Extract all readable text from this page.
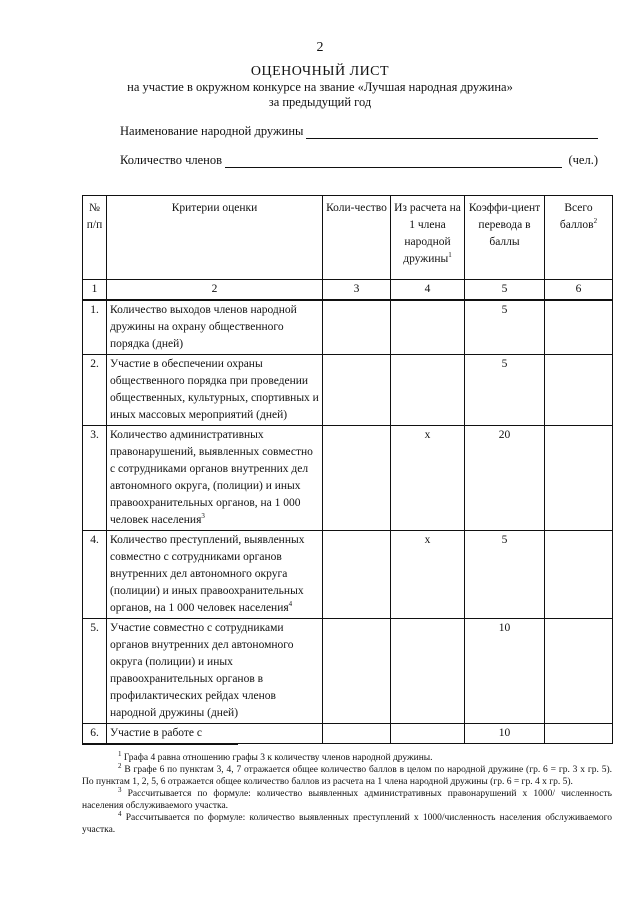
2
ОЦЕНОЧНЫЙ ЛИСТ
на участие в окружном конкурсе на звание «Лучшая народная дружина»
за предыдущий год
Наименование народной дружины
Количество членов	(чел.)
№ п/п	Критерии оценки	Коли-чество	Из расчета на 1 члена народной дружины$^1$	Коэффи-циент перевода в баллы	Всего баллов$^2$
1	2	3	4	5	6
1.	Количество выходов членов народной дружины на охрану общественного порядка (дней)			5	
2.	Участие в обеспечении охраны общественного порядка при проведении общественных, культурных, спортивных и иных массовых мероприятий (дней)			5	
3.	Количество административных правонарушений, выявленных совместно с сотрудниками органов внутренних дел автономного округа, (полиции) и иных правоохранительных органов, на 1 000 человек населения$^3$		х	20	
4.	Количество преступлений, выявленных совместно с сотрудниками органов внутренних дел автономного округа (полиции) и иных правоохранительных органов, на 1 000 человек населения$^4$		х	5	
5.	Участие совместно с сотрудниками органов внутренних дел автономного округа (полиции) и иных правоохранительных органов в профилактических рейдах членов народной дружины (дней)			10	
6.	Участие в работе с			10	

$^1$ Графа 4 равна отношению графы 3 к количеству членов народной дружины.

$^2$ В графе 6 по пунктам 3, 4, 7 отражается общее количество баллов в целом по народной дружине (гр. 6 = гр. 3 х гр. 5). По пунктам 1, 2, 5, 6 отражается общее количество баллов из расчета на 1 члена народной дружины (гр. 6 = гр. 4 х гр. 5).

$^3$ Рассчитывается по формуле: количество выявленных административных правонарушений х 1000/ численность населения обслуживаемого участка.

$^4$ Рассчитывается по формуле: количество выявленных преступлений х 1000/численность населения обслуживаемого участка.
